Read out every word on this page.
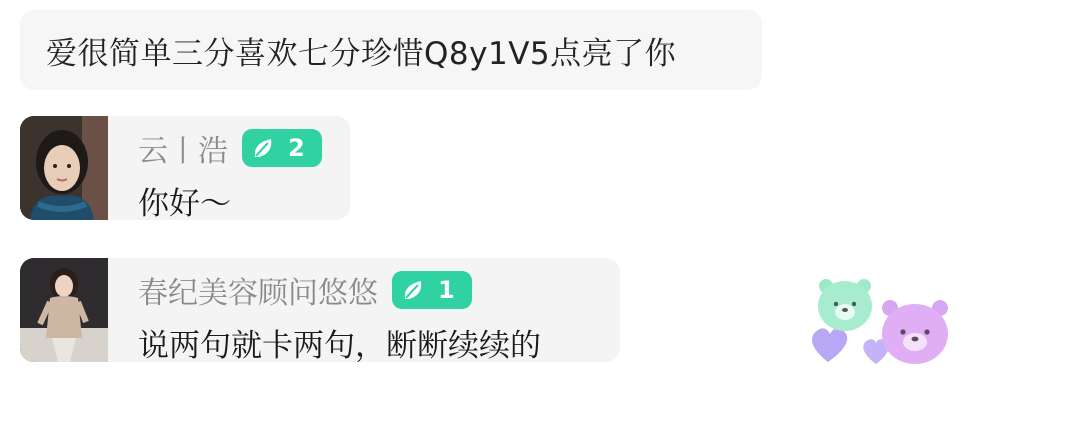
爱很简单三分喜欢七分珍惜Q8y1V5点亮了你
云丨浩	2
你好～
春纪美容顾问悠悠	1
说两句就卡两句，断断续续的
